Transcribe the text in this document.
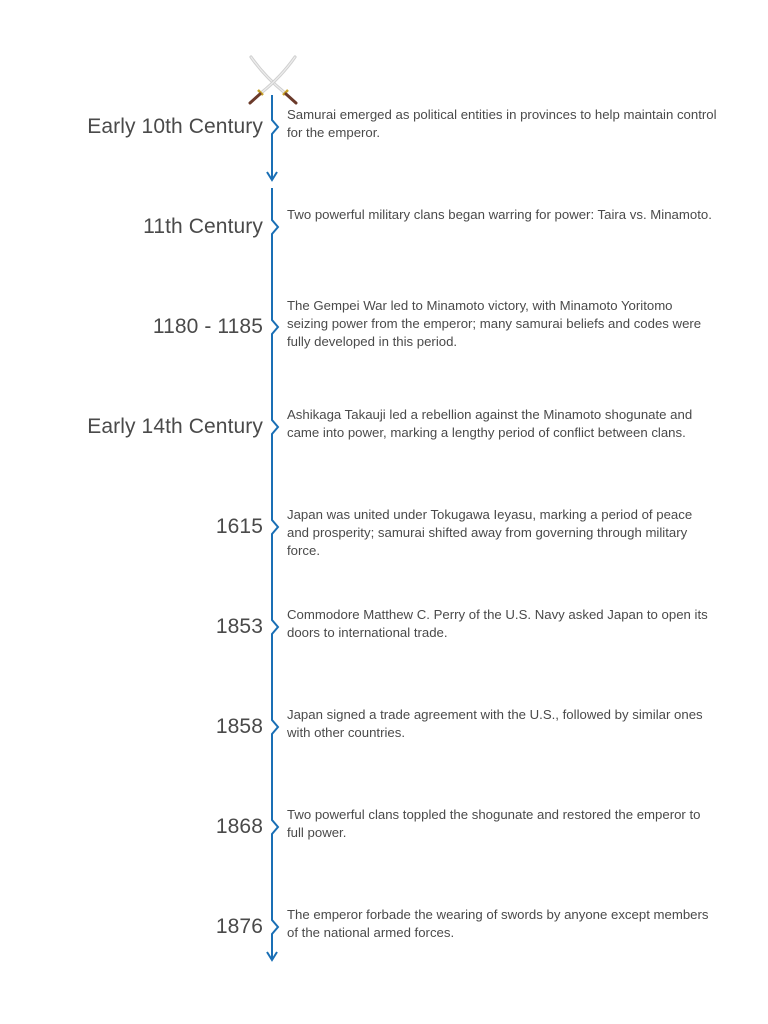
Early 10th Century
Samurai emerged as political entities in provinces to help maintain control for the emperor.
11th Century
Two powerful military clans began warring for power: Taira vs. Minamoto.
1180 - 1185
The Gempei War led to Minamoto victory, with Minamoto Yoritomo seizing power from the emperor; many samurai beliefs and codes were fully developed in this period.
Early 14th Century
Ashikaga Takauji led a rebellion against the Minamoto shogunate and came into power, marking a lengthy period of conflict between clans.
1615
Japan was united under Tokugawa Ieyasu, marking a period of peace and prosperity; samurai shifted away from governing through military force.
1853
Commodore Matthew C. Perry of the U.S. Navy asked Japan to open its doors to international trade.
1858
Japan signed a trade agreement with the U.S., followed by similar ones with other countries.
1868
Two powerful clans toppled the shogunate and restored the emperor to full power.
1876
The emperor forbade the wearing of swords by anyone except members of the national armed forces.
